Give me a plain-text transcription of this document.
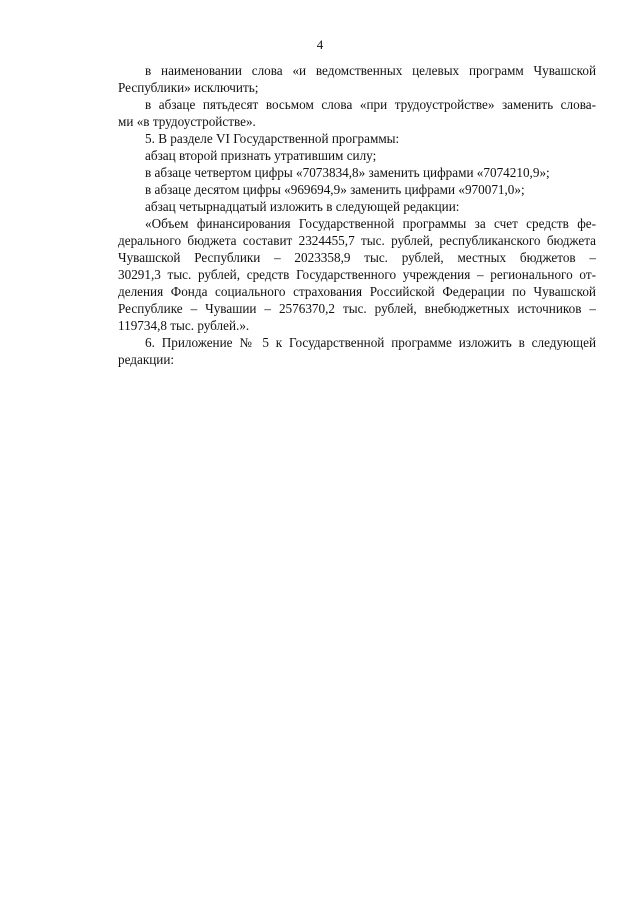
4

в наименовании слова «и ведомственных целевых программ Чувашской

Республики» исключить;

в абзаце пятьдесят восьмом слова «при трудоустройстве» заменить слова-

ми «в трудоустройстве».

5. В разделе VI Государственной программы:

абзац второй признать утратившим силу;

в абзаце четвертом цифры «7073834,8» заменить цифрами «7074210,9»;

в абзаце десятом цифры «969694,9» заменить цифрами «970071,0»;

абзац четырнадцатый изложить в следующей редакции:

«Объем финансирования Государственной программы за счет средств фе-

дерального бюджета составит 2324455,7 тыс. рублей, республиканского бюджета

Чувашской Республики – 2023358,9 тыс. рублей, местных бюджетов –

30291,3 тыс. рублей, средств Государственного учреждения – регионального от-

деления Фонда социального страхования Российской Федерации по Чувашской

Республике – Чувашии – 2576370,2 тыс. рублей, внебюджетных источников –

119734,8 тыс. рублей.».

6. Приложение № 5 к Государственной программе изложить в следующей

редакции:
